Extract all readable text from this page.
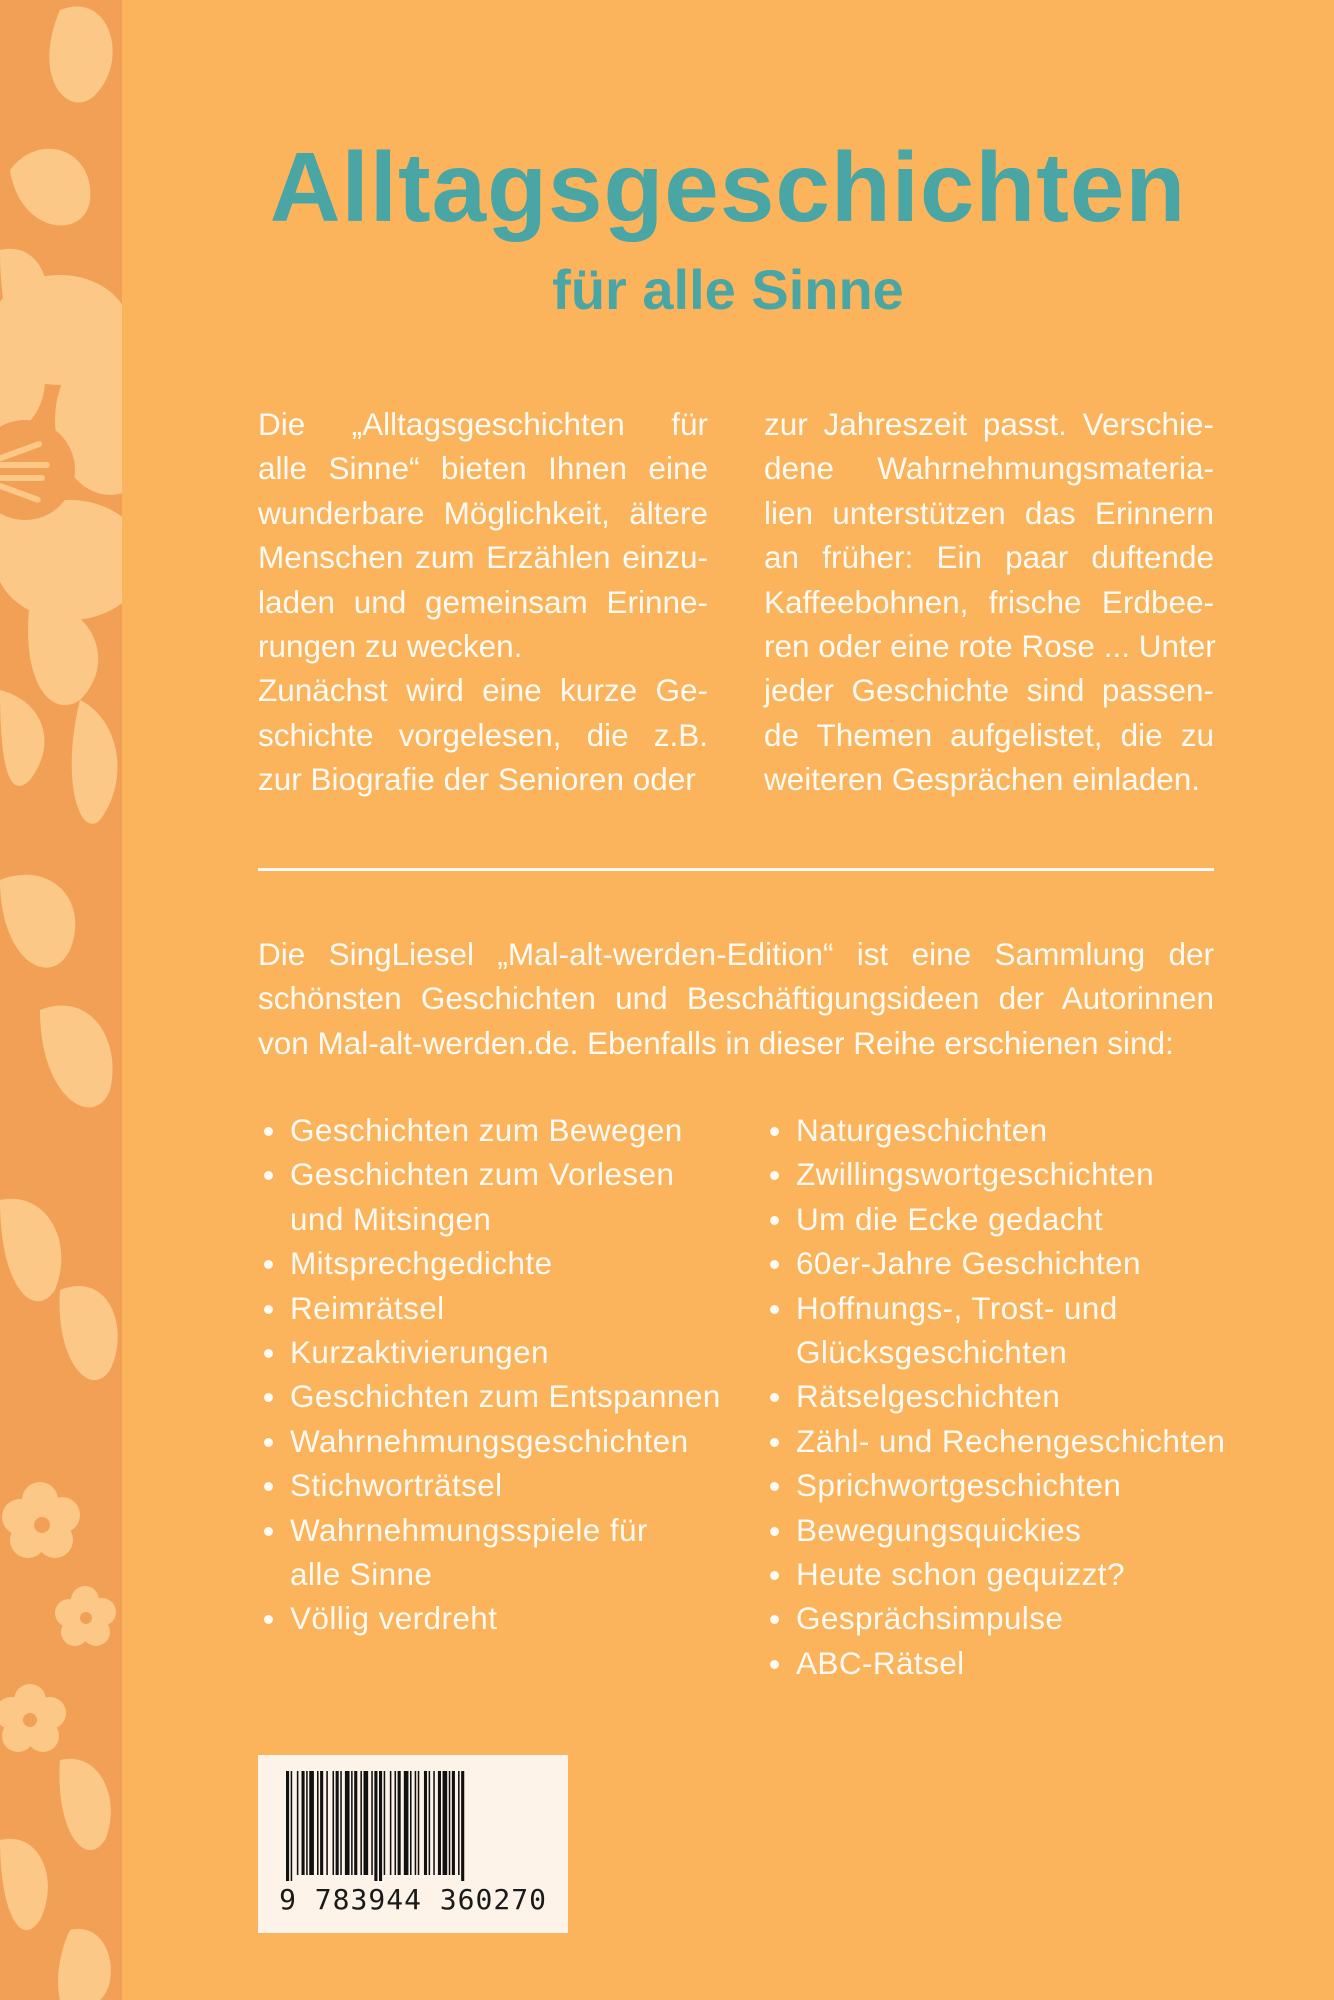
Alltagsgeschichten
für alle Sinne
Die „Alltagsgeschichten für
alle Sinne“ bieten Ihnen eine
wunderbare Möglichkeit, ältere
Menschen zum Erzählen einzu-
laden und gemeinsam Erinne-
rungen zu wecken.
Zunächst wird eine kurze Ge-
schichte vorgelesen, die z.B.
zur Biografie der Senioren oder
zur Jahreszeit passt. Verschie-
dene Wahrnehmungsmateria-
lien unterstützen das Erinnern
an früher: Ein paar duftende
Kaffeebohnen, frische Erdbee-
ren oder eine rote Rose ... Unter
jeder Geschichte sind passen-
de Themen aufgelistet, die zu
weiteren Gesprächen einladen.
Die SingLiesel „Mal-alt-werden-Edition“ ist eine Sammlung der
schönsten Geschichten und Beschäftigungsideen der Autorinnen
von Mal-alt-werden.de. Ebenfalls in dieser Reihe erschienen sind:
Geschichten zum Bewegen
Geschichten zum Vorlesen
und Mitsingen
Mitsprechgedichte
Reimrätsel
Kurzaktivierungen
Geschichten zum Entspannen
Wahrnehmungsgeschichten
Stichworträtsel
Wahrnehmungsspiele für
alle Sinne
Völlig verdreht
Naturgeschichten
Zwillingswortgeschichten
Um die Ecke gedacht
60er-Jahre Geschichten
Hoffnungs-, Trost- und
Glücksgeschichten
Rätselgeschichten
Zähl- und Rechengeschichten
Sprichwortgeschichten
Bewegungsquickies
Heute schon gequizzt?
Gesprächsimpulse
ABC-Rätsel
9 783944 360270
